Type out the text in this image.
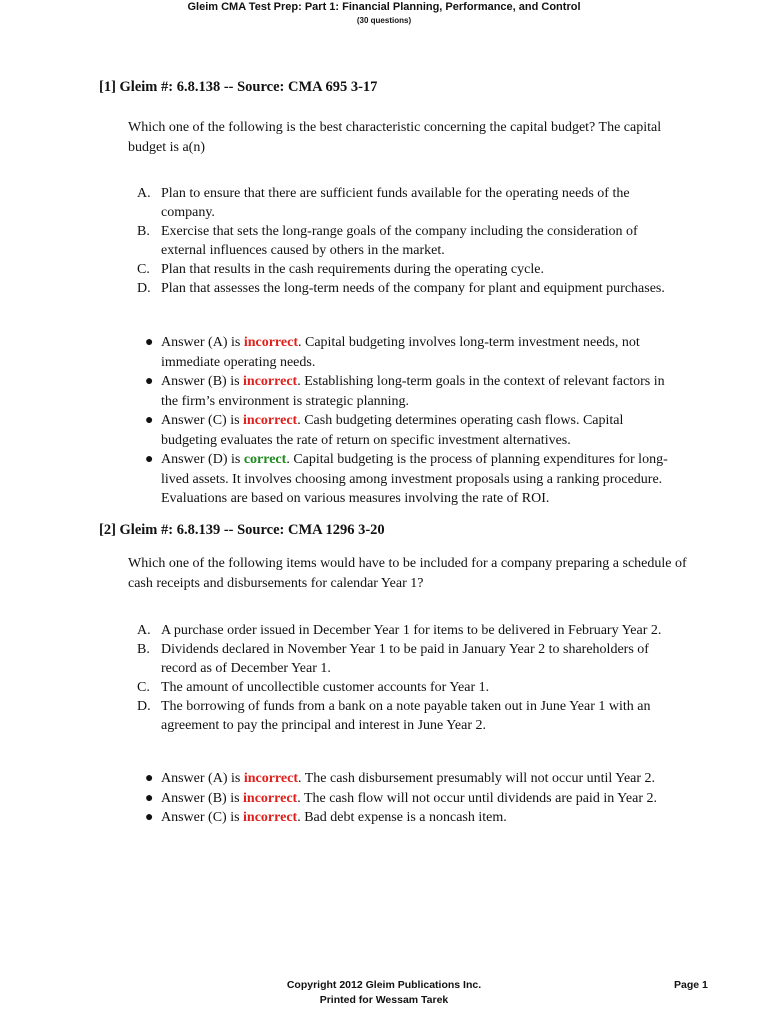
Gleim CMA Test Prep: Part 1: Financial Planning, Performance, and Control
(30 questions)
[1] Gleim #: 6.8.138 -- Source: CMA 695 3-17
Which one of the following is the best characteristic concerning the capital budget? The capital budget is a(n)
A. Plan to ensure that there are sufficient funds available for the operating needs of the company.
B. Exercise that sets the long-range goals of the company including the consideration of external influences caused by others in the market.
C. Plan that results in the cash requirements during the operating cycle.
D. Plan that assesses the long-term needs of the company for plant and equipment purchases.
● Answer (A) is incorrect. Capital budgeting involves long-term investment needs, not immediate operating needs.
● Answer (B) is incorrect. Establishing long-term goals in the context of relevant factors in the firm’s environment is strategic planning.
● Answer (C) is incorrect. Cash budgeting determines operating cash flows. Capital budgeting evaluates the rate of return on specific investment alternatives.
● Answer (D) is correct. Capital budgeting is the process of planning expenditures for long-lived assets. It involves choosing among investment proposals using a ranking procedure. Evaluations are based on various measures involving the rate of ROI.
[2] Gleim #: 6.8.139 -- Source: CMA 1296 3-20
Which one of the following items would have to be included for a company preparing a schedule of cash receipts and disbursements for calendar Year 1?
A. A purchase order issued in December Year 1 for items to be delivered in February Year 2.
B. Dividends declared in November Year 1 to be paid in January Year 2 to shareholders of record as of December Year 1.
C. The amount of uncollectible customer accounts for Year 1.
D. The borrowing of funds from a bank on a note payable taken out in June Year 1 with an agreement to pay the principal and interest in June Year 2.
● Answer (A) is incorrect. The cash disbursement presumably will not occur until Year 2.
● Answer (B) is incorrect. The cash flow will not occur until dividends are paid in Year 2.
● Answer (C) is incorrect. Bad debt expense is a noncash item.
Copyright 2012 Gleim Publications Inc.
Printed for Wessam Tarek
Page 1
